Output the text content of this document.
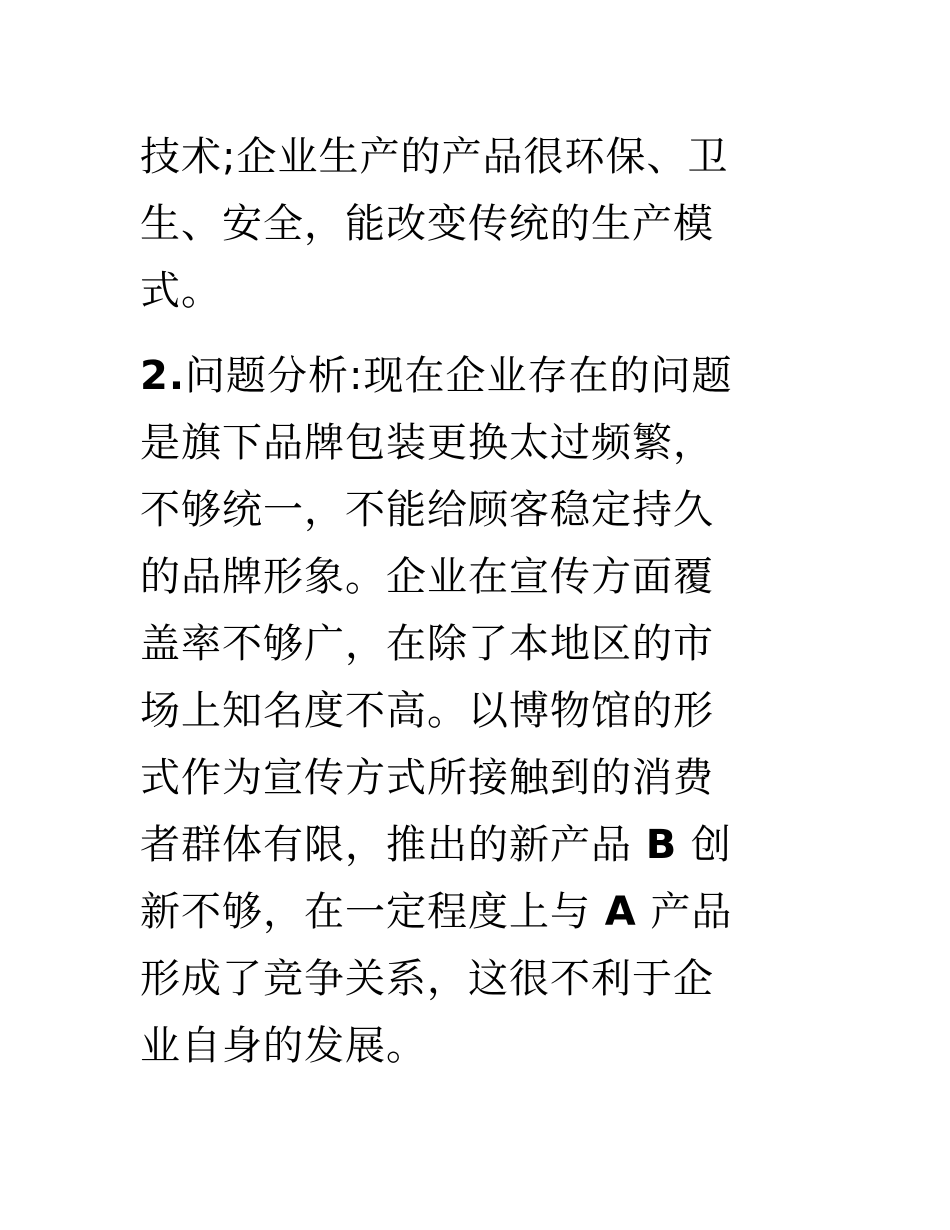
技术;企业生产的产品很环保、卫
生、安全，能改变传统的生产模
式。
2.问题分析:现在企业存在的问题
是旗下品牌包装更换太过频繁，
不够统一，不能给顾客稳定持久
的品牌形象。企业在宣传方面覆
盖率不够广，在除了本地区的市
场上知名度不高。以博物馆的形
式作为宣传方式所接触到的消费
者群体有限，推出的新产品 B 创
新不够，在一定程度上与 A 产品
形成了竞争关系，这很不利于企
业自身的发展。
